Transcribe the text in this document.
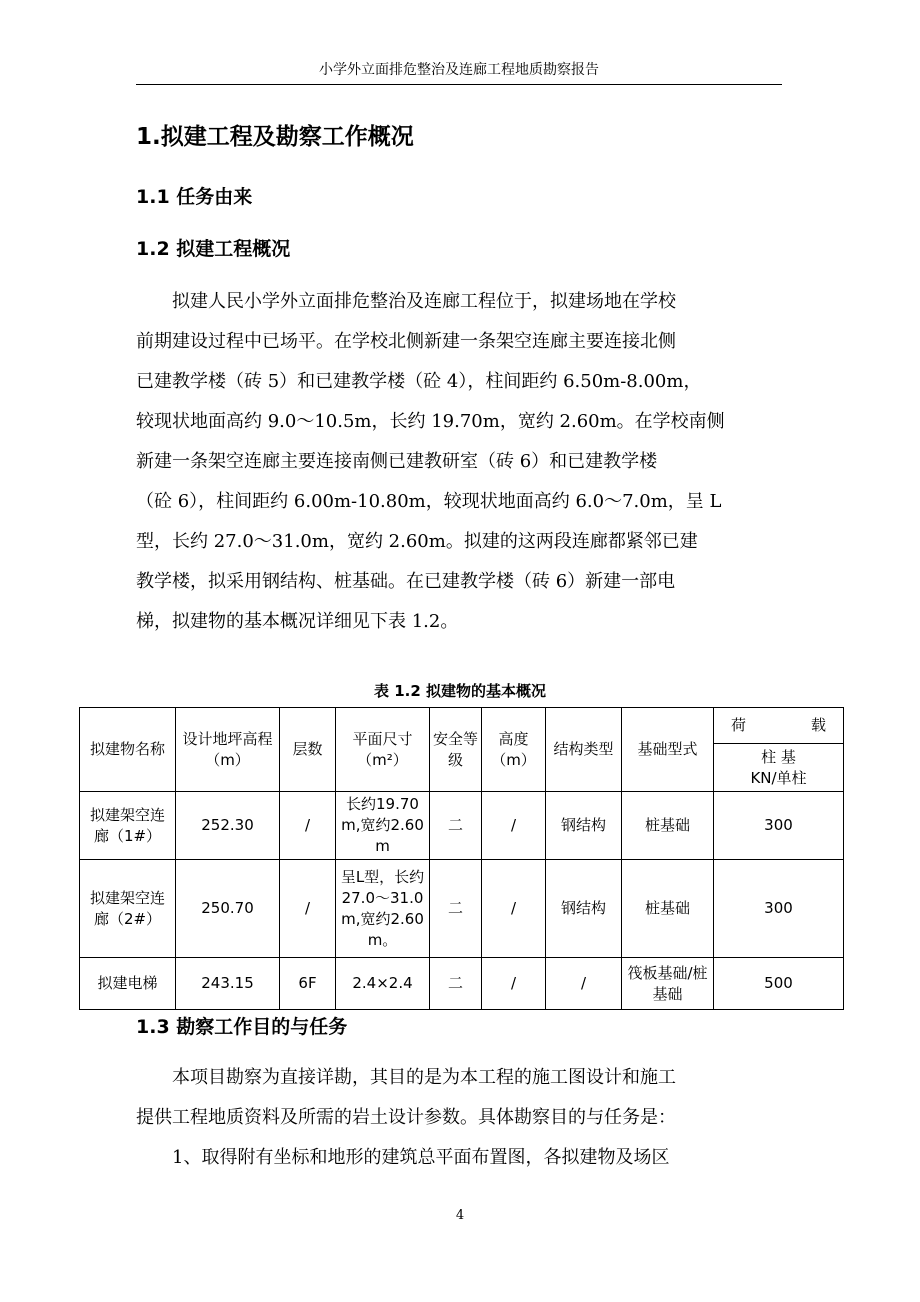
小学外立面排危整治及连廊工程地质勘察报告
1.拟建工程及勘察工作概况
1.1 任务由来
1.2 拟建工程概况
拟建人民小学外立面排危整治及连廊工程位于，拟建场地在学校
前期建设过程中已场平。在学校北侧新建一条架空连廊主要连接北侧
已建教学楼（砖 5）和已建教学楼（砼 4），柱间距约 6.50m-8.00m，
较现状地面高约 9.0～10.5m，长约 19.70m，宽约 2.60m。在学校南侧
新建一条架空连廊主要连接南侧已建教研室（砖 6）和已建教学楼
（砼 6），柱间距约 6.00m-10.80m，较现状地面高约 6.0～7.0m，呈 L
型，长约 27.0～31.0m，宽约 2.60m。拟建的这两段连廊都紧邻已建
教学楼，拟采用钢结构、桩基础。在已建教学楼（砖 6）新建一部电
梯，拟建物的基本概况详细见下表 1.2。
表 1.2 拟建物的基本概况
拟建物名称	设计地坪高程（m）	层数	平面尺寸（m²）	安全等级	高度（m）	结构类型	基础型式	荷 载

								柱 基
KN/单柱

拟建架空连廊（1#）	252.30	/	长约19.70m,宽约2.60m	二	/	钢结构	桩基础	300
拟建架空连廊（2#）	250.70	/	呈L型，长约27.0～31.0m,宽约2.60m。	二	/	钢结构	桩基础	300
拟建电梯	243.15	6F	2.4×2.4	二	/	/	筏板基础/桩基础	500
1.3 勘察工作目的与任务
本项目勘察为直接详勘，其目的是为本工程的施工图设计和施工
提供工程地质资料及所需的岩土设计参数。具体勘察目的与任务是：
1、取得附有坐标和地形的建筑总平面布置图，各拟建物及场区
4
